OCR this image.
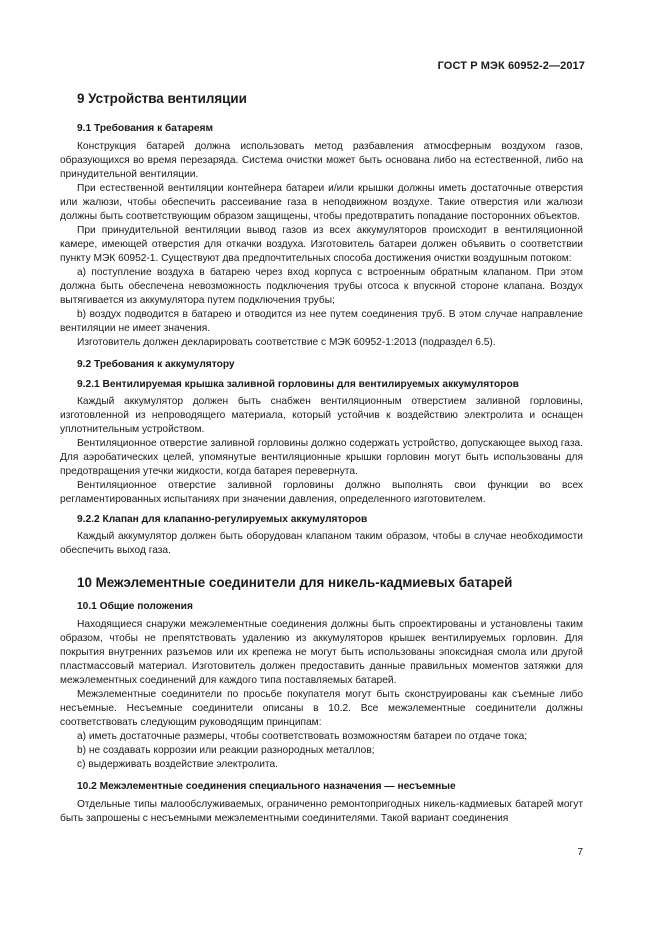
ГОСТ Р МЭК 60952-2—2017
9 Устройства вентиляции
9.1 Требования к батареям

Конструкция батарей должна использовать метод разбавления атмосферным воздухом газов, образующихся во время перезаряда. Система очистки может быть основана либо на естественной, либо на принудительной вентиляции.

При естественной вентиляции контейнера батареи и/или крышки должны иметь достаточные отверстия или жалюзи, чтобы обеспечить рассеивание газа в неподвижном воздухе. Такие отверстия или жалюзи должны быть соответствующим образом защищены, чтобы предотвратить попадание посторонних объектов.

При принудительной вентиляции вывод газов из всех аккумуляторов происходит в вентиляционной камере, имеющей отверстия для откачки воздуха. Изготовитель батареи должен объявить о соответствии пункту МЭК 60952-1. Существуют два предпочтительных способа достижения очистки воздушным потоком:

a) поступление воздуха в батарею через вход корпуса с встроенным обратным клапаном. При этом должна быть обеспечена невозможность подключения трубы отсоса к впускной стороне клапана. Воздух вытягивается из аккумулятора путем подключения трубы;

b) воздух подводится в батарею и отводится из нее путем соединения труб. В этом случае направление вентиляции не имеет значения.

Изготовитель должен декларировать соответствие с МЭК 60952-1:2013 (подраздел 6.5).

9.2 Требования к аккумулятору
9.2.1 Вентилируемая крышка заливной горловины для вентилируемых аккумуляторов

Каждый аккумулятор должен быть снабжен вентиляционным отверстием заливной горловины, изготовленной из непроводящего материала, который устойчив к воздействию электролита и оснащен уплотнительным устройством.

Вентиляционное отверстие заливной горловины должно содержать устройство, допускающее выход газа. Для аэробатических целей, упомянутые вентиляционные крышки горловин могут быть использованы для предотвращения утечки жидкости, когда батарея перевернута.

Вентиляционное отверстие заливной горловины должно выполнять свои функции во всех регламентированных испытаниях при значении давления, определенного изготовителем.

9.2.2 Клапан для клапанно-регулируемых аккумуляторов

Каждый аккумулятор должен быть оборудован клапаном таким образом, чтобы в случае необходимости обеспечить выход газа.

10 Межэлементные соединители для никель-кадмиевых батарей
10.1 Общие положения

Находящиеся снаружи межэлементные соединения должны быть спроектированы и установлены таким образом, чтобы не препятствовать удалению из аккумуляторов крышек вентилируемых горловин. Для покрытия внутренних разъемов или их крепежа не могут быть использованы эпоксидная смола или другой пластмассовый материал. Изготовитель должен предоставить данные правильных моментов затяжки для межэлементных соединений для каждого типа поставляемых батарей.

Межэлементные соединители по просьбе покупателя могут быть сконструированы как съемные либо несъемные. Несъемные соединители описаны в 10.2. Все межэлементные соединители должны соответствовать следующим руководящим принципам:

a) иметь достаточные размеры, чтобы соответствовать возможностям батареи по отдаче тока;

b) не создавать коррозии или реакции разнородных металлов;

c) выдерживать воздействие электролита.

10.2 Межэлементные соединения специального назначения — несъемные

Отдельные типы малообслуживаемых, ограниченно ремонтопригодных никель-кадмиевых батарей могут быть запрошены с несъемными межэлементными соединителями. Такой вариант соединения

7
